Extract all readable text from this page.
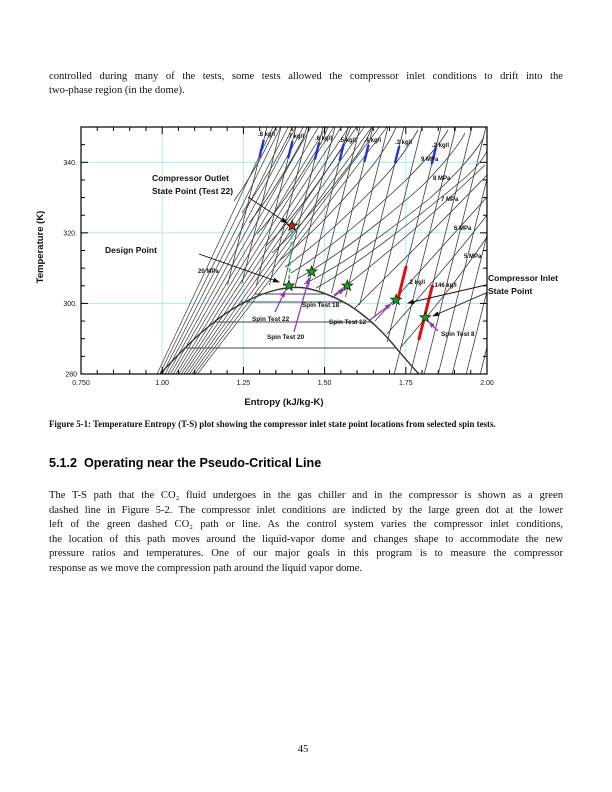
controlled during many of the tests, some tests allowed the compressor inlet conditions to drift into the
two-phase region (in the dome).
Compressor Outlet
State Point (Test 22)
Design Point
Compressor Inlet
State Point
Spin Test 18
Spin Test 22
Spin Test 20
Spin Test 12
Spin Test 8
20 MPa
9 MPa
8 MPa
7 MPa
6 MPa
5 MPa
.8 kg/l .7 kg/l .6 kg/l .5 kg/l .4 kg/l .3 kg/l	.2 kg/l
.2 kg/l .146 kg/l
0.750	1.00	1.25	1.50	1.75	2.00
280
300.
320.
340.
Entropy (kJ/kg-K)
Temperature (K)
Figure 5-1: Temperature Entropy (T-S) plot showing the compressor inlet state point locations from selected spin tests.
5.1.2  Operating near the Pseudo-Critical Line
The T-S path that the CO₂ fluid undergoes in the gas chiller and in the compressor is shown as a green
dashed line in Figure 5-2. The compressor inlet conditions are indicted by the large green dot at the lower
left of the green dashed CO₂ path or line. As the control system varies the compressor inlet conditions,
the location of this path moves around the liquid-vapor dome and changes shape to accommodate the new
pressure ratios and temperatures. One of our major goals in this program is to measure the compressor
response as we move the compression path around the liquid vapor dome.
45
